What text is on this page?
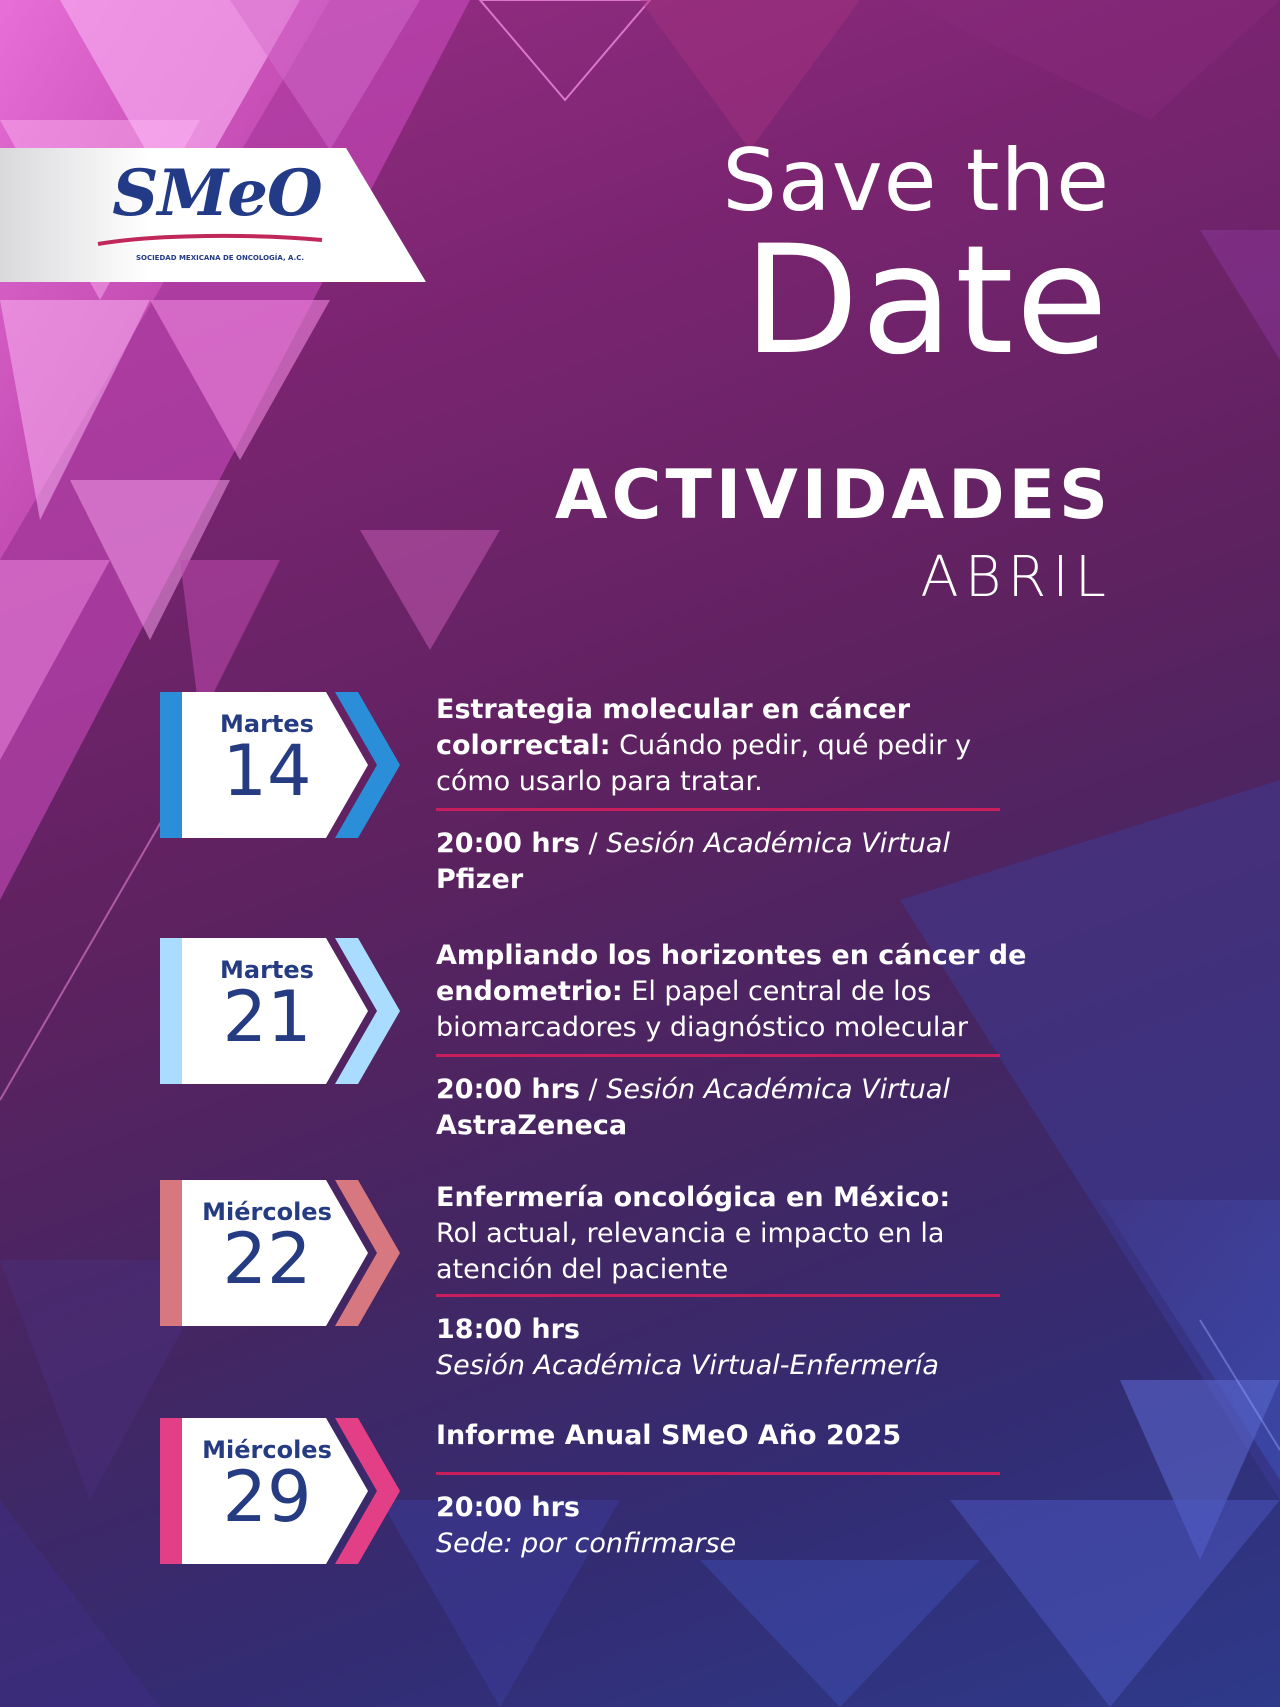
SMeO
SOCIEDAD MEXICANA DE ONCOLOGÍA, A.C.
Save the
Date
ACTIVIDADES
ABRIL
Martes
14
Estrategia molecular en cáncer colorrectal: Cuándo pedir, qué pedir y cómo usarlo para tratar.
20:00 hrs / Sesión Académica Virtual
Pfizer
Martes
21
Ampliando los horizontes en cáncer de endometrio: El papel central de los biomarcadores y diagnóstico molecular
20:00 hrs / Sesión Académica Virtual
AstraZeneca
Miércoles
22
Enfermería oncológica en México: Rol actual, relevancia e impacto en la atención del paciente
18:00 hrs
Sesión Académica Virtual-Enfermería
Miércoles
29
Informe Anual SMeO Año 2025
20:00 hrs
Sede: por confirmarse
